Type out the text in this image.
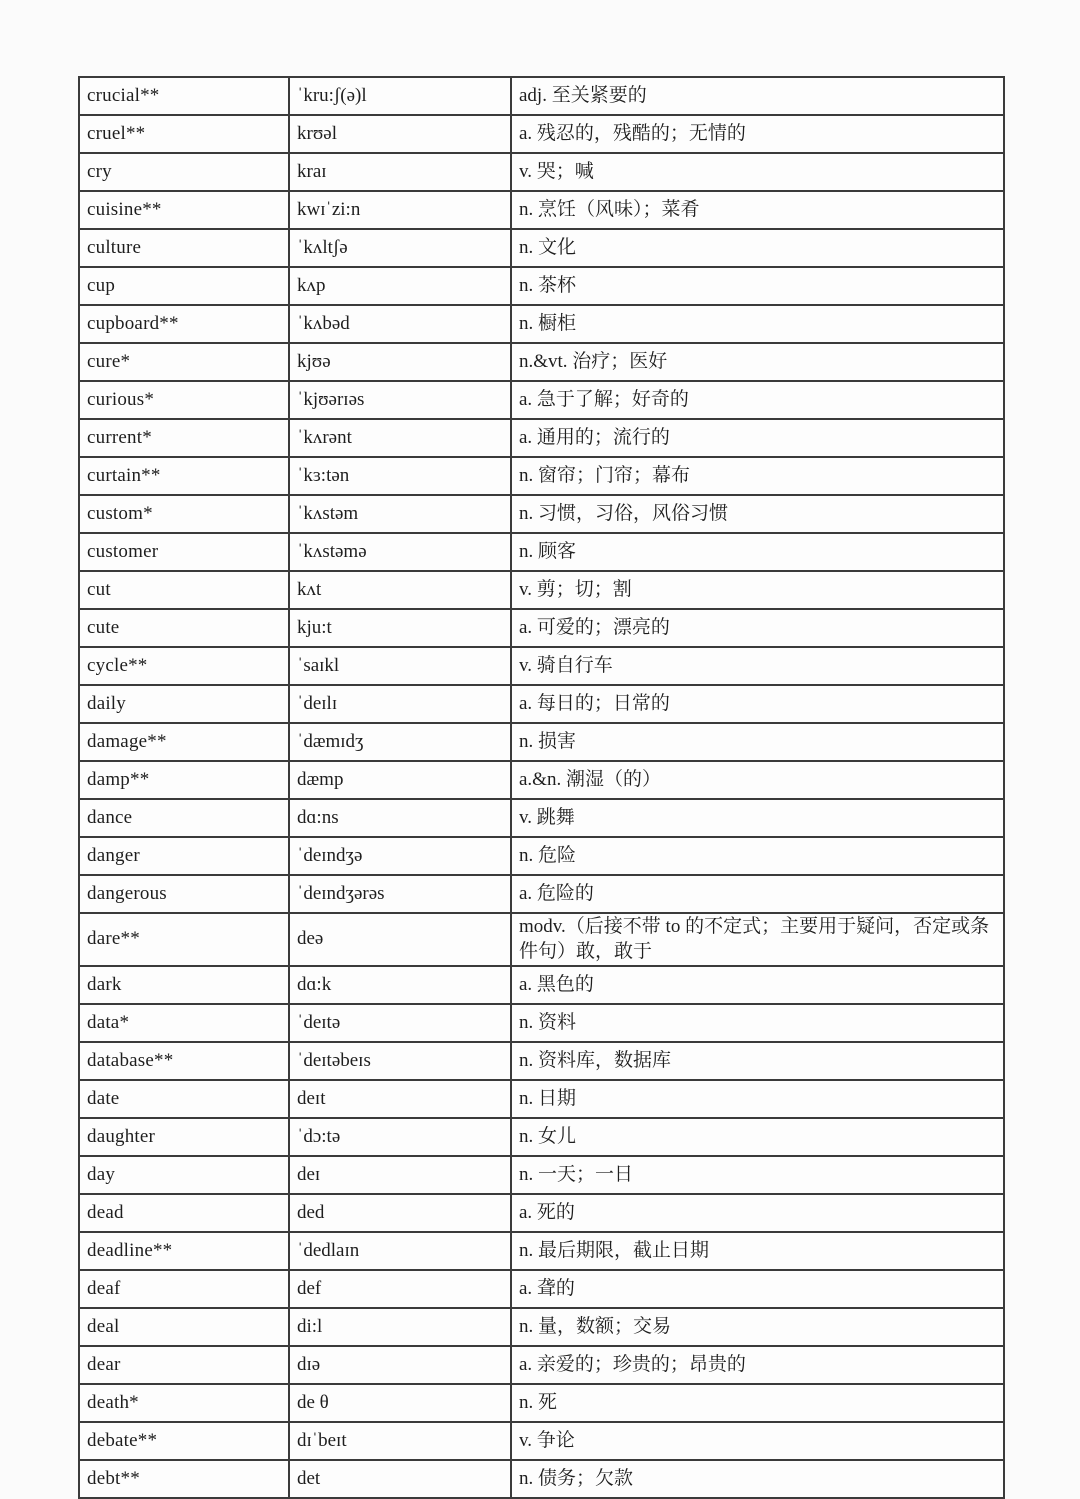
crucial**	ˈkru:ʃ(ə)l	adj. 至关紧要的
cruel**	krʊəl	a. 残忍的，残酷的；无情的
cry	kraɪ	v. 哭；喊
cuisine**	kwɪˈzi:n	n. 烹饪（风味）；菜肴
culture	ˈkʌltʃə	n. 文化
cup	kʌp	n. 茶杯
cupboard**	ˈkʌbəd	n. 橱柜
cure*	kjʊə	n.&vt. 治疗；医好
curious*	ˈkjʊərɪəs	a. 急于了解；好奇的
current*	ˈkʌrənt	a. 通用的；流行的
curtain**	ˈkɜ:tən	n. 窗帘；门帘；幕布
custom*	ˈkʌstəm	n. 习惯，习俗，风俗习惯
customer	ˈkʌstəmə	n. 顾客
cut	kʌt	v. 剪；切；割
cute	kju:t	a. 可爱的；漂亮的
cycle**	ˈsaɪkl	v. 骑自行车
daily	ˈdeɪlɪ	a. 每日的；日常的
damage**	ˈdæmɪdʒ	n. 损害
damp**	dæmp	a.&n. 潮湿（的）
dance	dɑ:ns	v. 跳舞
danger	ˈdeɪndʒə	n. 危险
dangerous	ˈdeɪndʒərəs	a. 危险的
dare**	deə	modv.（后接不带 to 的不定式；主要用于疑问，否定或条件句）敢，敢于
dark	dɑ:k	a. 黑色的
data*	ˈdeɪtə	n. 资料
database**	ˈdeɪtəbeɪs	n. 资料库，数据库
date	deɪt	n. 日期
daughter	ˈdɔ:tə	n. 女儿
day	deɪ	n. 一天；一日
dead	ded	a. 死的
deadline**	ˈdedlaɪn	n. 最后期限，截止日期
deaf	def	a. 聋的
deal	di:l	n. 量，数额；交易
dear	dɪə	a. 亲爱的；珍贵的；昂贵的
death*	de θ	n. 死
debate**	dɪˈbeɪt	v. 争论
debt**	det	n. 债务；欠款
